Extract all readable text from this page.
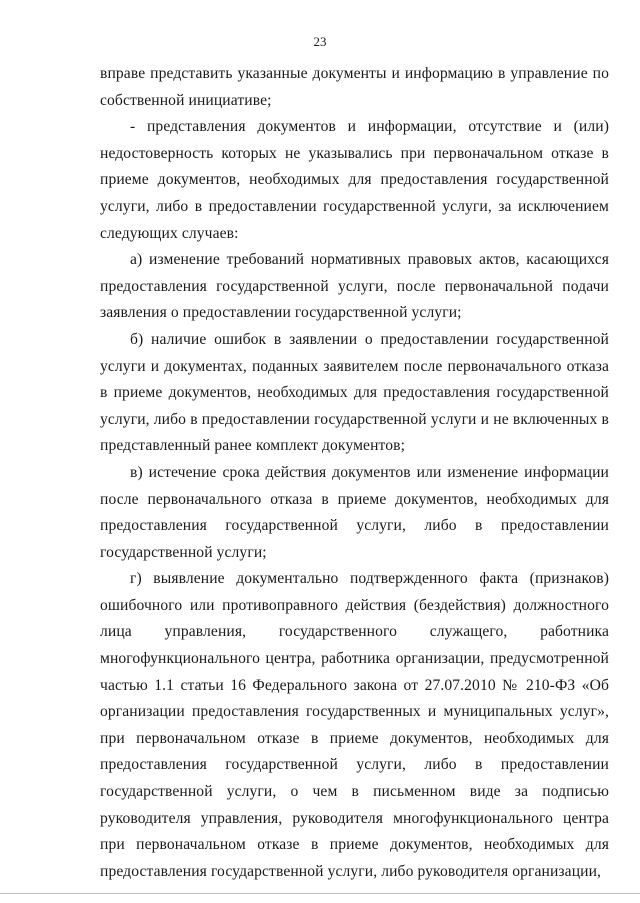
23

вправе представить указанные документы и информацию в управление по собственной инициативе;

- представления документов и информации, отсутствие и (или) недостоверность которых не указывались при первоначальном отказе в приеме документов, необходимых для предоставления государственной услуги, либо в предоставлении государственной услуги, за исключением следующих случаев:

а) изменение требований нормативных правовых актов, касающихся предоставления государственной услуги, после первоначальной подачи заявления о предоставлении государственной услуги;

б) наличие ошибок в заявлении о предоставлении государственной услуги и документах, поданных заявителем после первоначального отказа в приеме документов, необходимых для предоставления государственной услуги, либо в предоставлении государственной услуги и не включенных в представленный ранее комплект документов;

в) истечение срока действия документов или изменение информации после первоначального отказа в приеме документов, необходимых для предоставления государственной услуги, либо в предоставлении государственной услуги;

г) выявление документально подтвержденного факта (признаков) ошибочного или противоправного действия (бездействия) должностного лица управления, государственного служащего, работника многофункционального центра, работника организации, предусмотренной частью 1.1 статьи 16 Федерального закона от 27.07.2010 № 210-ФЗ «Об организации предоставления государственных и муниципальных услуг», при первоначальном отказе в приеме документов, необходимых для предоставления государственной услуги, либо в предоставлении государственной услуги, о чем в письменном виде за подписью руководителя управления, руководителя многофункционального центра при первоначальном отказе в приеме документов, необходимых для предоставления государственной услуги, либо руководителя организации,
